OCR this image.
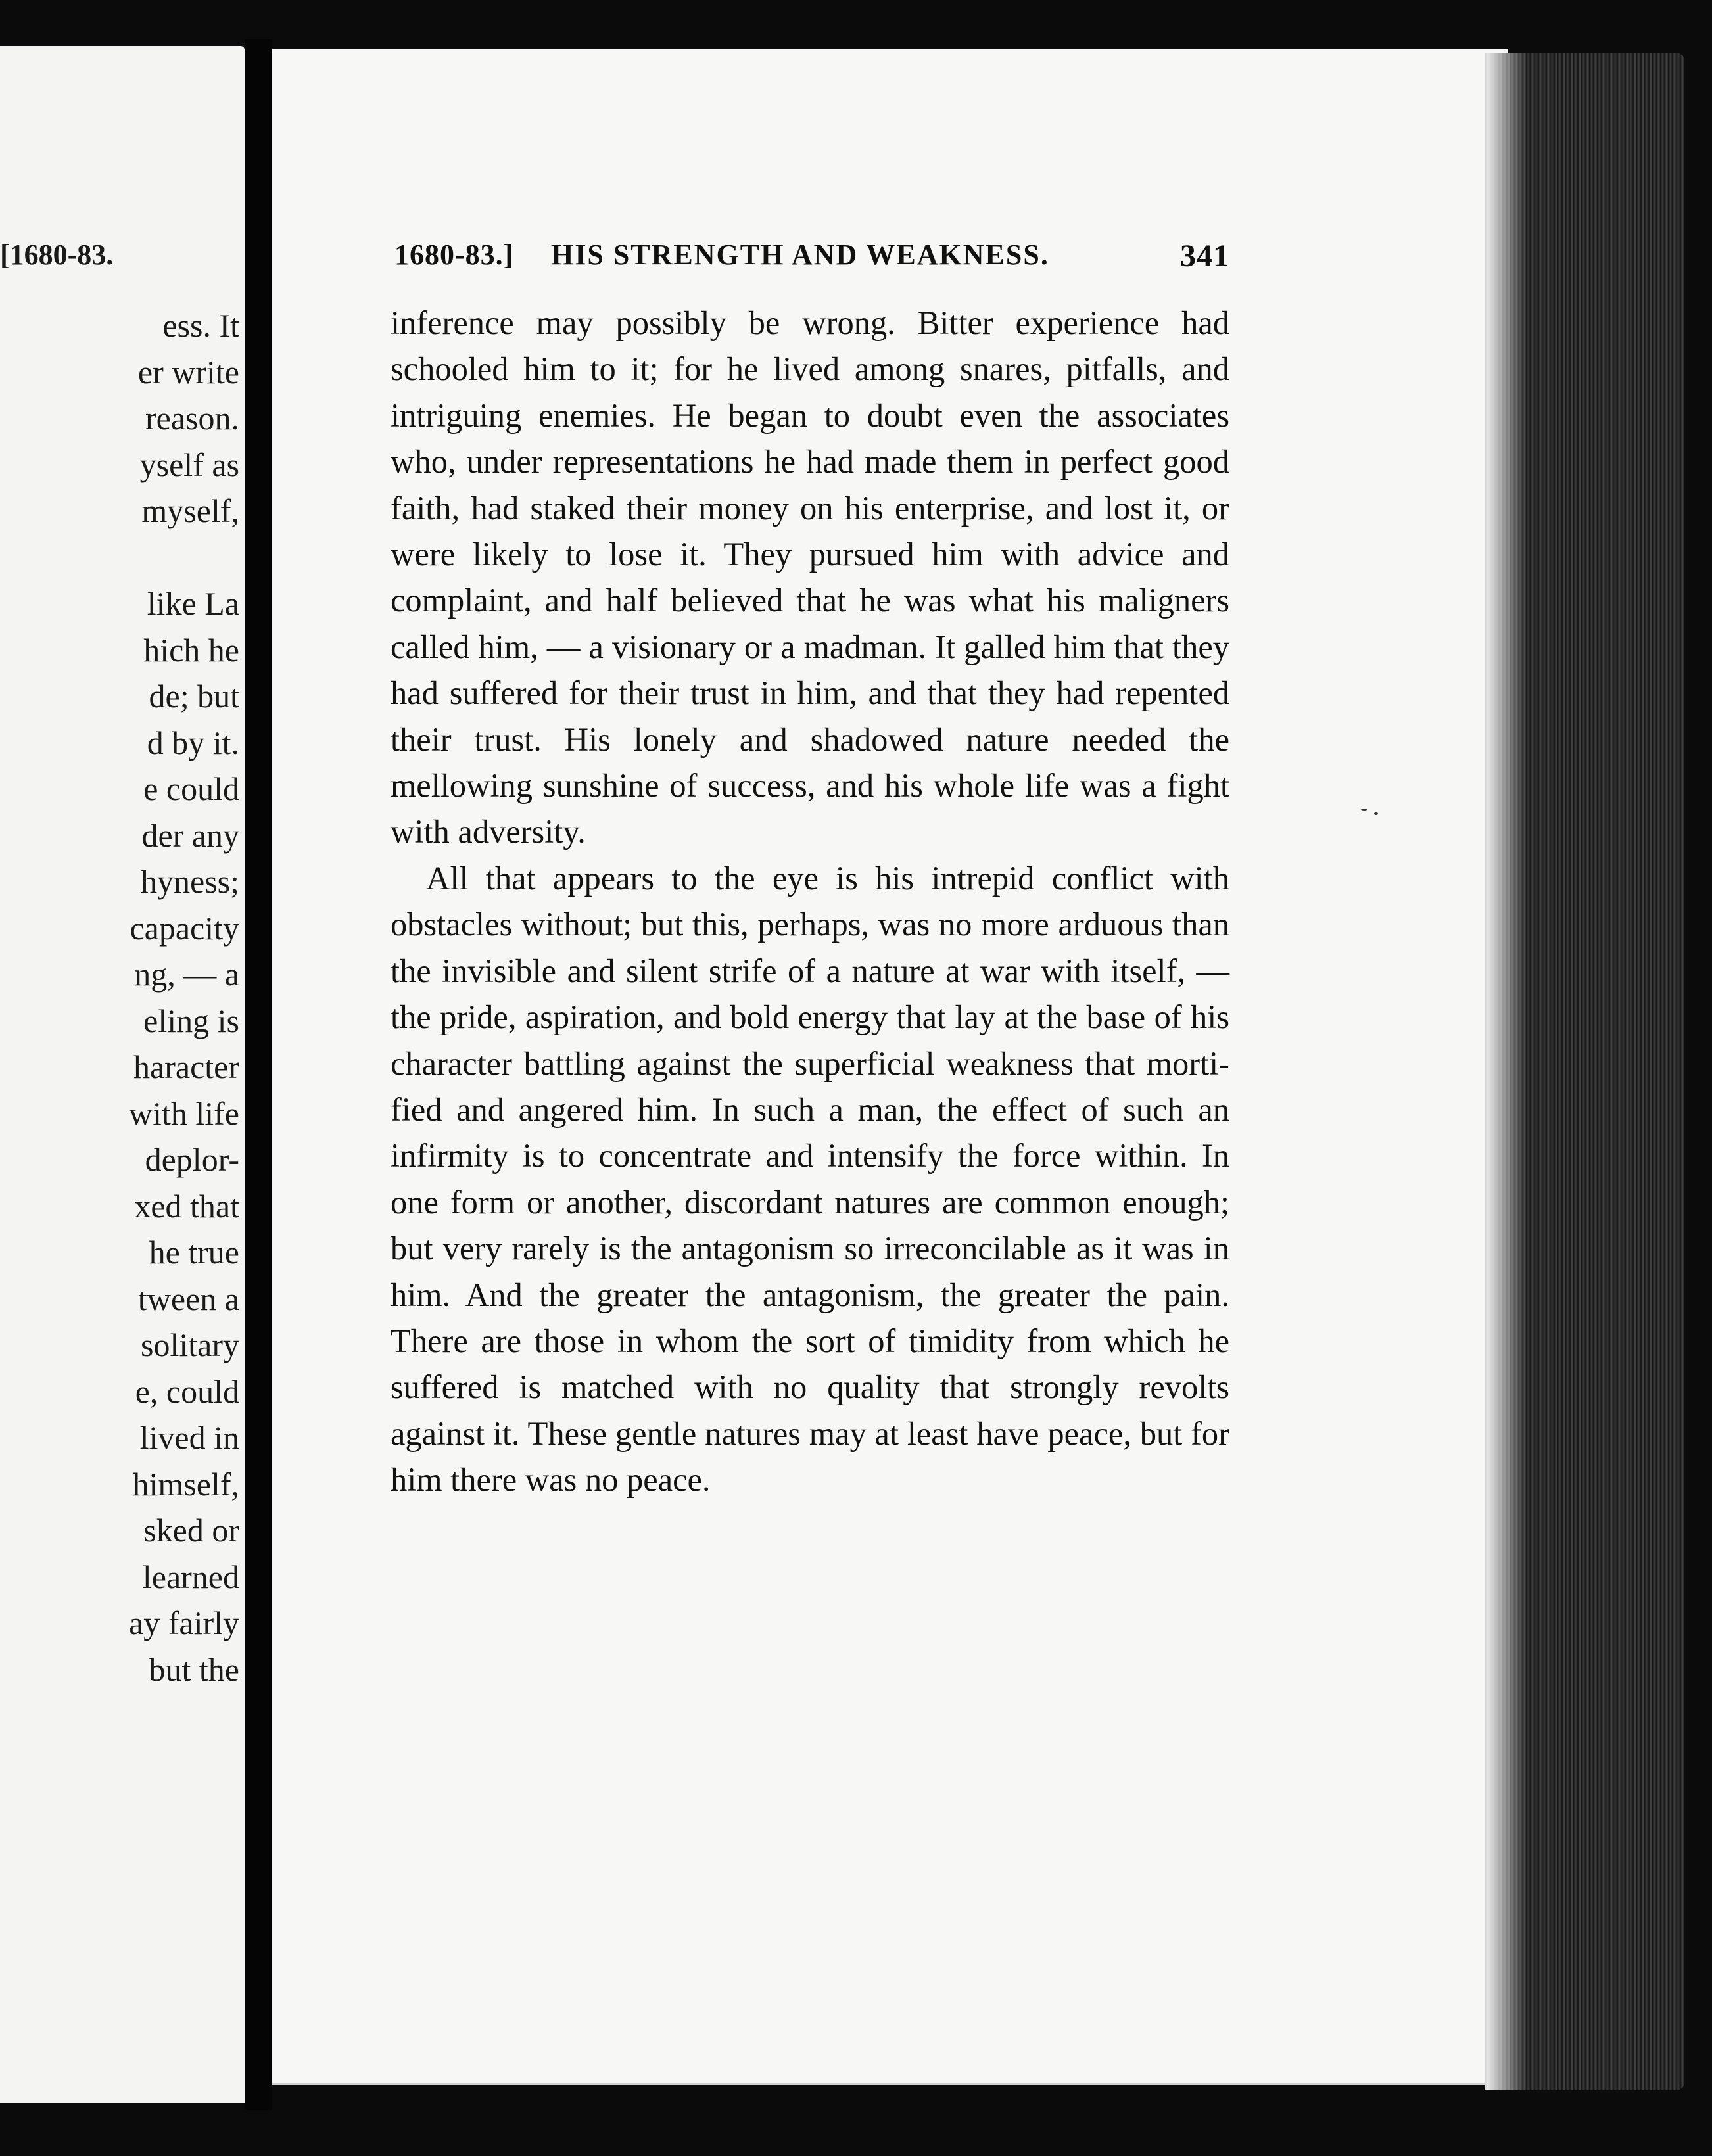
[1680-83.
ess. It
er write
reason.
yself as
myself,
like La
hich he
de; but
d by it.
e could
der any
hyness;
capacity
ng, — a
eling is
haracter
with life
deplor-
xed that
he true
tween a
solitary
e, could
lived in
himself,
sked or
learned
ay fairly
but the
1680-83.] HIS STRENGTH AND WEAKNESS.	341

inference may possibly be wrong. Bitter experience had schooled him to it; for he lived among snares, pitfalls, and intriguing enemies. He began to doubt even the associates who, under representations he had made them in perfect good faith, had staked their money on his enterprise, and lost it, or were likely to lose it. They pursued him with advice and complaint, and half believed that he was what his maligners called him, — a visionary or a madman. It galled him that they had suffered for their trust in him, and that they had repented their trust. His lonely and shadowed nature needed the mellowing sunshine of success, and his whole life was a fight with adversity.

All that appears to the eye is his intrepid conflict with obstacles without; but this, perhaps, was no more arduous than the invisible and silent strife of a nature at war with itself, — the pride, aspiration, and bold energy that lay at the base of his character battling against the superficial weakness that mortified and angered him. In such a man, the effect of such an infirmity is to concentrate and intensify the force within. In one form or another, discordant natures are common enough; but very rarely is the antagonism so irreconcilable as it was in him. And the greater the antagonism, the greater the pain. There are those in whom the sort of timidity from which he suffered is matched with no quality that strongly revolts against it. These gentle natures may at least have peace, but for him there was no peace.
